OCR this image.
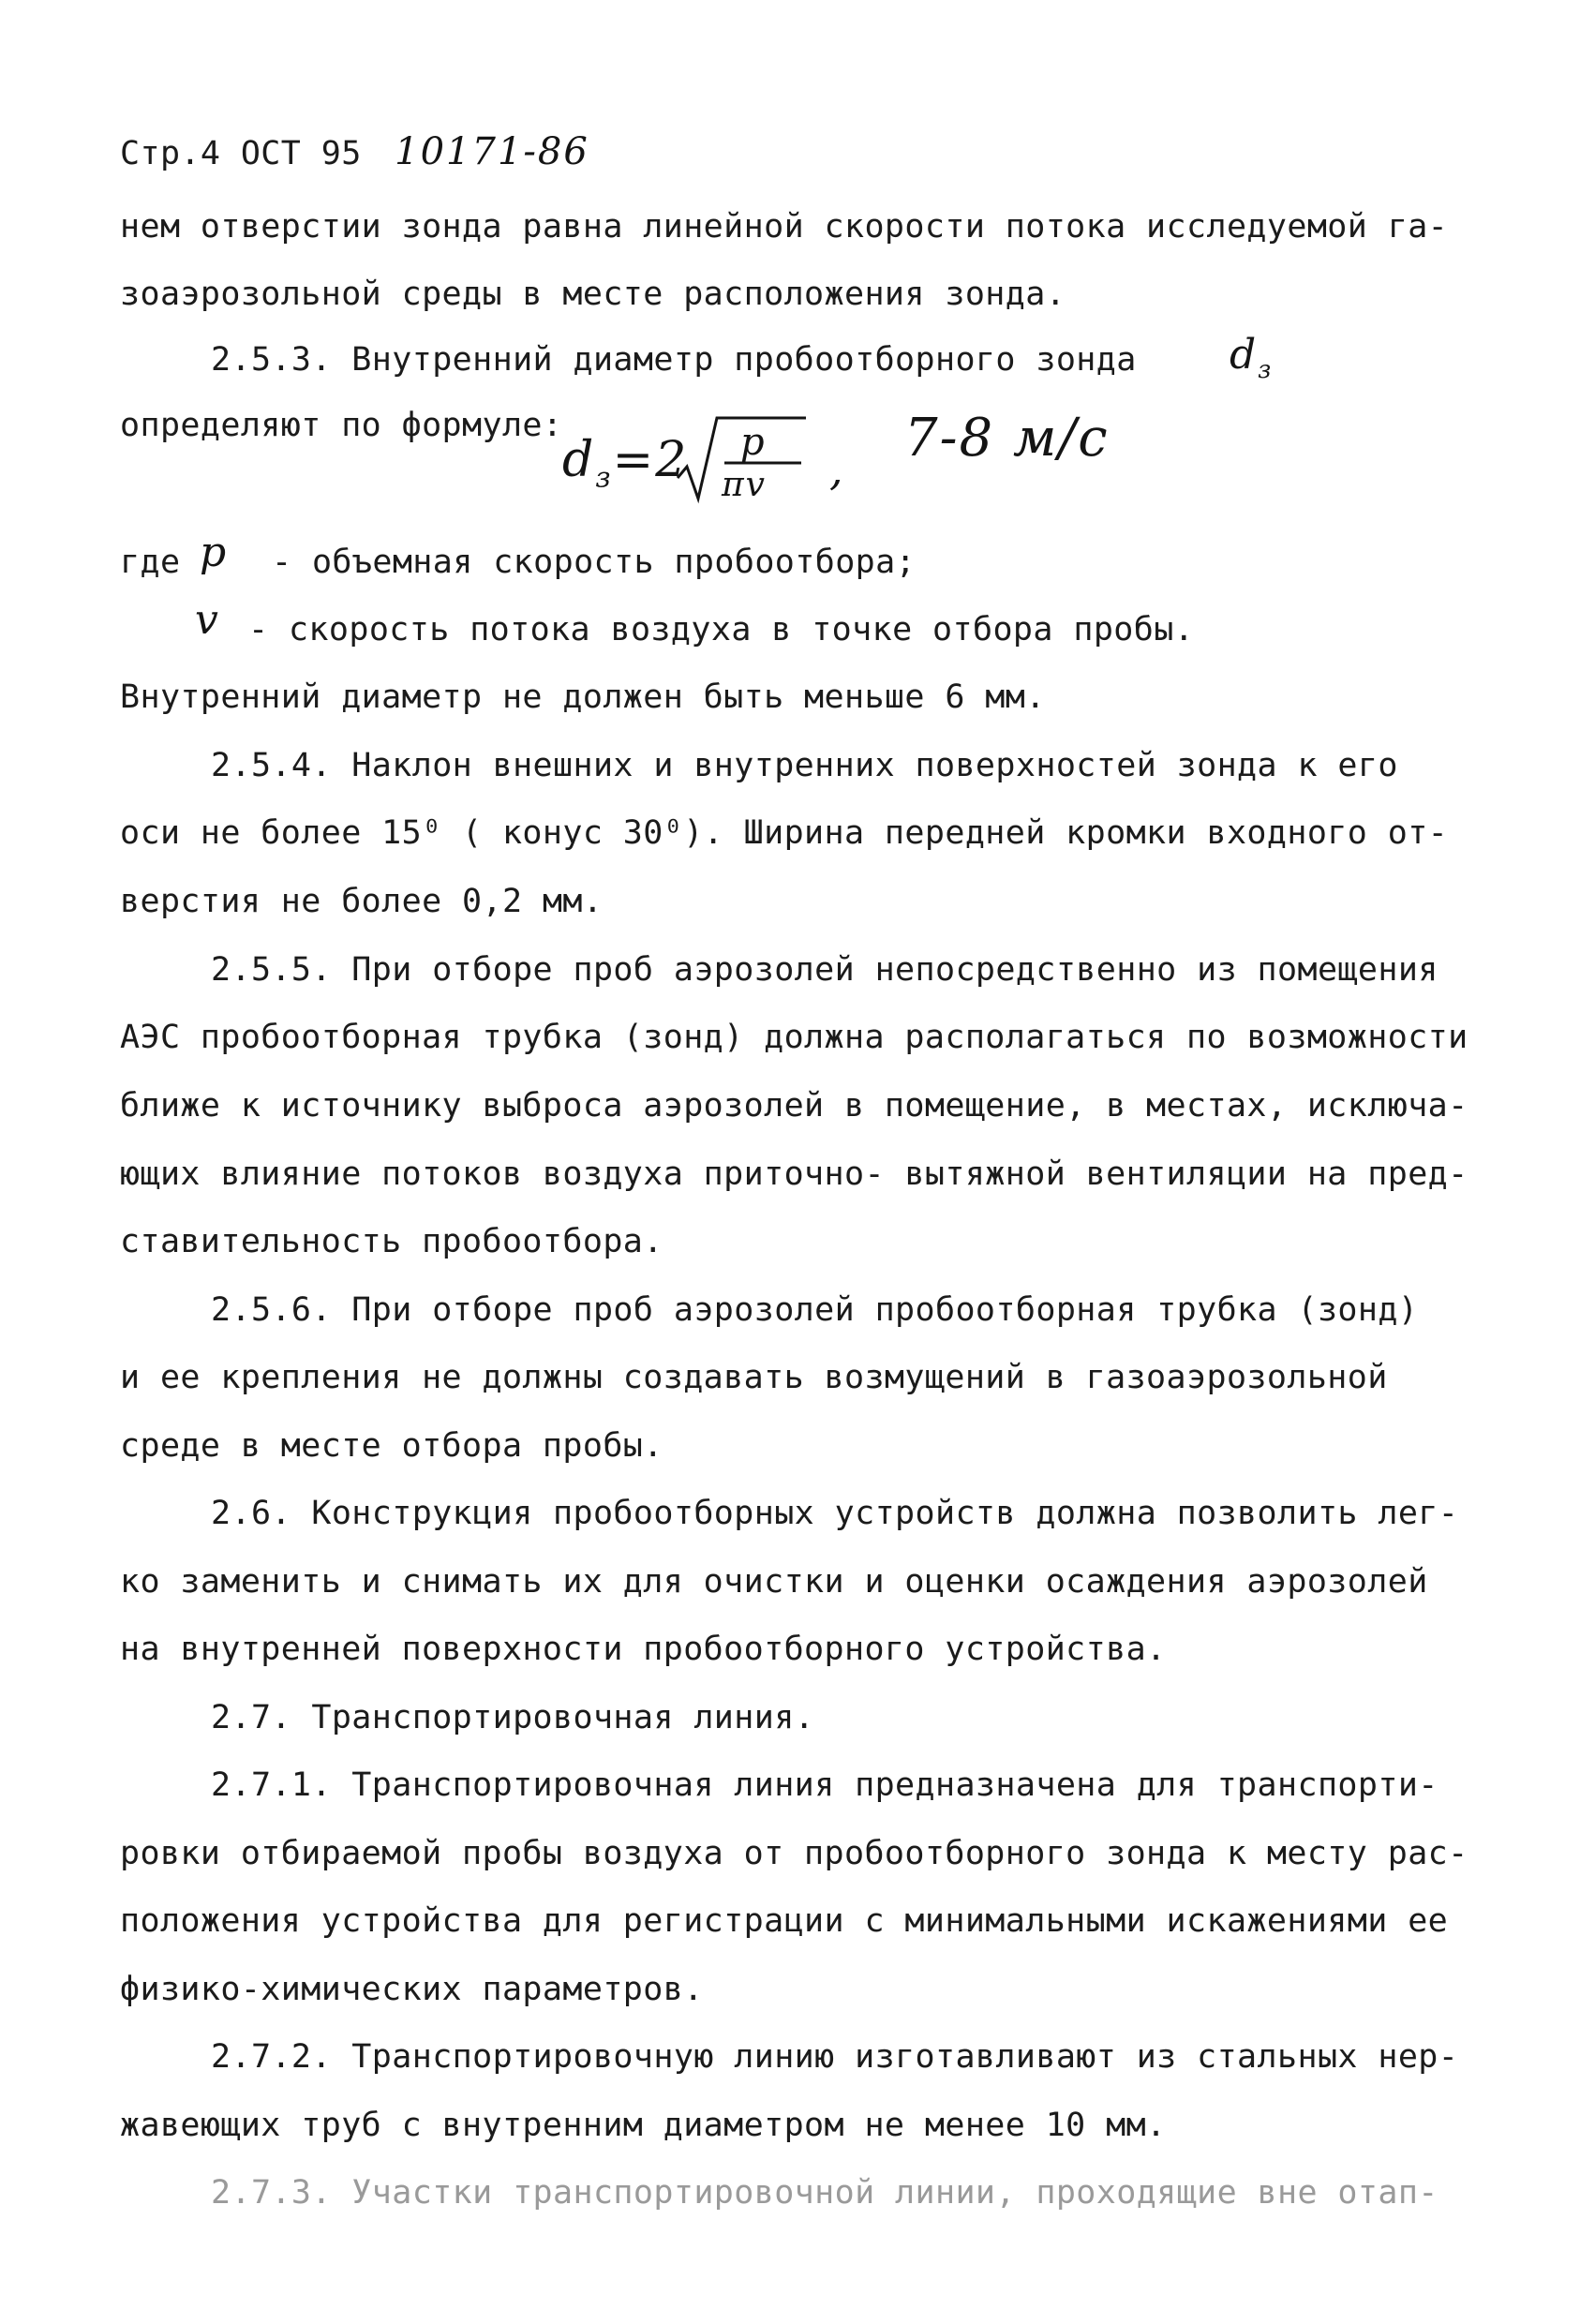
Стр.4 ОСТ 95 10171-86
нем отверстии зонда равна линейной скорости потока исследуемой га-
зоаэрозольной среды в месте расположения зонда.
2.5.3. Внутренний диаметр пробоотборного зонда $d_з$
определяют по формуле:
$d_з=2$ p
πv ,
7-8 м/с
где p - объемная скорость пробоотбора;
v - скорость потока воздуха в точке отбора пробы.
Внутренний диаметр не должен быть меньше 6 мм.
2.5.4. Наклон внешних и внутренних поверхностей зонда к его
оси не более 15⁰ ( конус 30⁰). Ширина передней кромки входного от-
верстия не более 0,2 мм.
2.5.5. При отборе проб аэрозолей непосредственно из помещения
АЭС пробоотборная трубка (зонд) должна располагаться по возможности
ближе к источнику выброса аэрозолей в помещение, в местах, исключа-
ющих влияние потоков воздуха приточно- вытяжной вентиляции на пред-
ставительность пробоотбора.
2.5.6. При отборе проб аэрозолей пробоотборная трубка (зонд)
и ее крепления не должны создавать возмущений в газоаэрозольной
среде в месте отбора пробы.
2.6. Конструкция пробоотборных устройств должна позволить лег-
ко заменить и снимать их для очистки и оценки осаждения аэрозолей
на внутренней поверхности пробоотборного устройства.
2.7. Транспортировочная линия.
2.7.1. Транспортировочная линия предназначена для транспорти-
ровки отбираемой пробы воздуха от пробоотборного зонда к месту рас-
положения устройства для регистрации с минимальными искажениями ее
физико-химических параметров.
2.7.2. Транспортировочную линию изготавливают из стальных нер-
жавеющих труб с внутренним диаметром не менее 10 мм.
2.7.3. Участки транспортировочной линии, проходящие вне отап-
